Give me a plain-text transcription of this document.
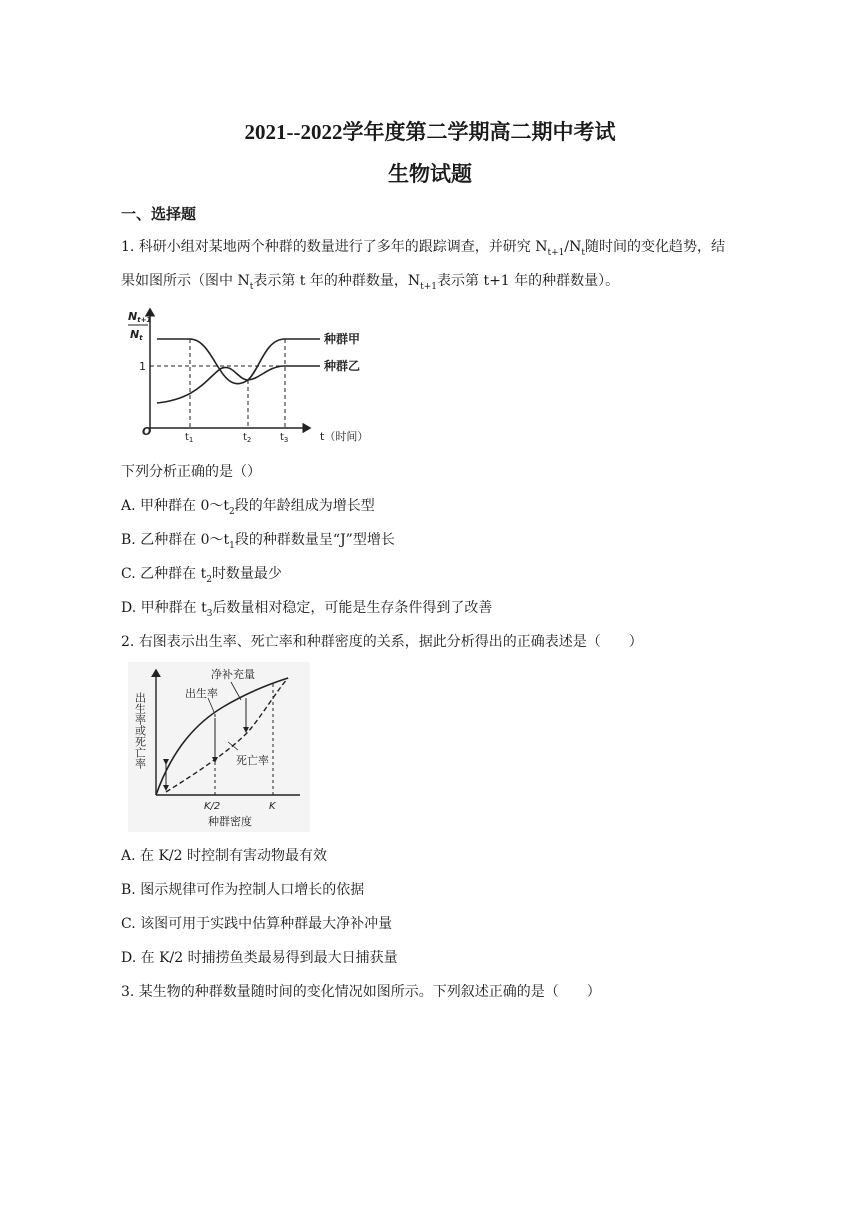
2021--2022学年度第二学期高二期中考试
生物试题
一、选择题
1. 科研小组对某地两个种群的数量进行了多年的跟踪调查，并研究 $N_{t+1}/N_t$随时间的变化趋势，结
果如图所示（图中 $N_t$表示第 t 年的种群数量，$N_{t+1}$表示第 t+1 年的种群数量）。
Nt+1
Nt
1
O	$t_1$	$t_2$	$t_3$	t（时间）
种群甲
种群乙
下列分析正确的是（）
A. 甲种群在 $0\sim t_2$段的年龄组成为增长型
B. 乙种群在 $0\sim t_1$段的种群数量呈“J”型增长
C. 乙种群在 $t_2$时数量最少
D. 甲种群在 $t_3$后数量相对稳定，可能是生存条件得到了改善
2. 右图表示出生率、死亡率和种群密度的关系，据此分析得出的正确表述是（　　）
净补充量
出生率
死亡率
出生率或死亡率
K/2	K
种群密度
A. 在 K/2 时控制有害动物最有效
B. 图示规律可作为控制人口增长的依据
C. 该图可用于实践中估算种群最大净补冲量
D. 在 K/2 时捕捞鱼类最易得到最大日捕获量
3. 某生物的种群数量随时间的变化情况如图所示。下列叙述正确的是（　　）
